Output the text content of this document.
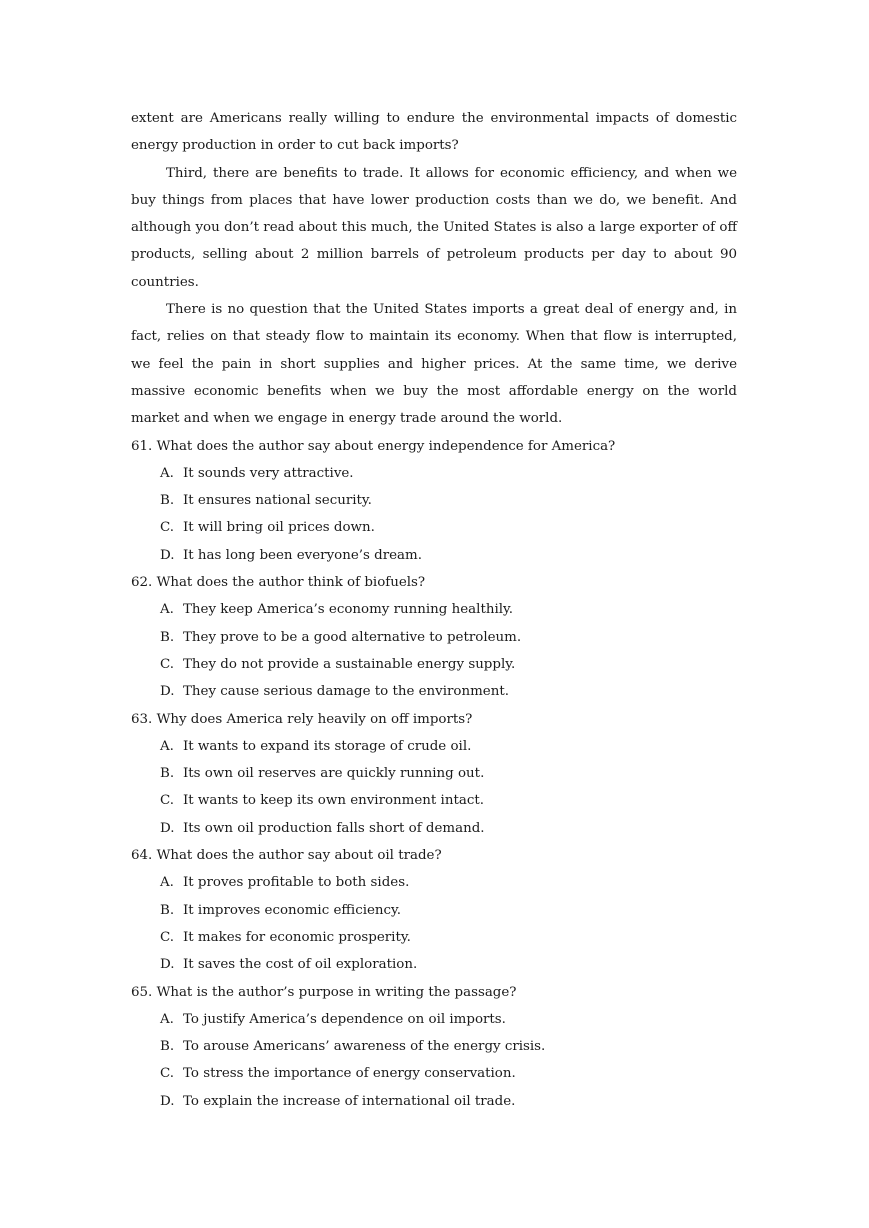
extent are Americans really willing to endure the environmental impacts of domestic energy production in order to cut back imports?

Third, there are benefits to trade. It allows for economic efficiency, and when we buy things from places that have lower production costs than we do, we benefit. And although you don’t read about this much, the United States is also a large exporter of off products, selling about 2 million barrels of petroleum products per day to about 90 countries.

There is no question that the United States imports a great deal of energy and, in fact, relies on that steady flow to maintain its economy. When that flow is interrupted, we feel the pain in short supplies and higher prices. At the same time, we derive massive economic benefits when we buy the most affordable energy on the world market and when we engage in energy trade around the world.

61. What does the author say about energy independence for America?

A. It sounds very attractive.

B. It ensures national security.

C. It will bring oil prices down.

D. It has long been everyone’s dream.

62. What does the author think of biofuels?

A. They keep America’s economy running healthily.

B. They prove to be a good alternative to petroleum.

C. They do not provide a sustainable energy supply.

D. They cause serious damage to the environment.

63. Why does America rely heavily on off imports?

A. It wants to expand its storage of crude oil.

B. Its own oil reserves are quickly running out.

C. It wants to keep its own environment intact.

D. Its own oil production falls short of demand.

64. What does the author say about oil trade?

A. It proves profitable to both sides.

B. It improves economic efficiency.

C. It makes for economic prosperity.

D. It saves the cost of oil exploration.

65. What is the author’s purpose in writing the passage?

A. To justify America’s dependence on oil imports.

B. To arouse Americans’ awareness of the energy crisis.

C. To stress the importance of energy conservation.

D. To explain the increase of international oil trade.
